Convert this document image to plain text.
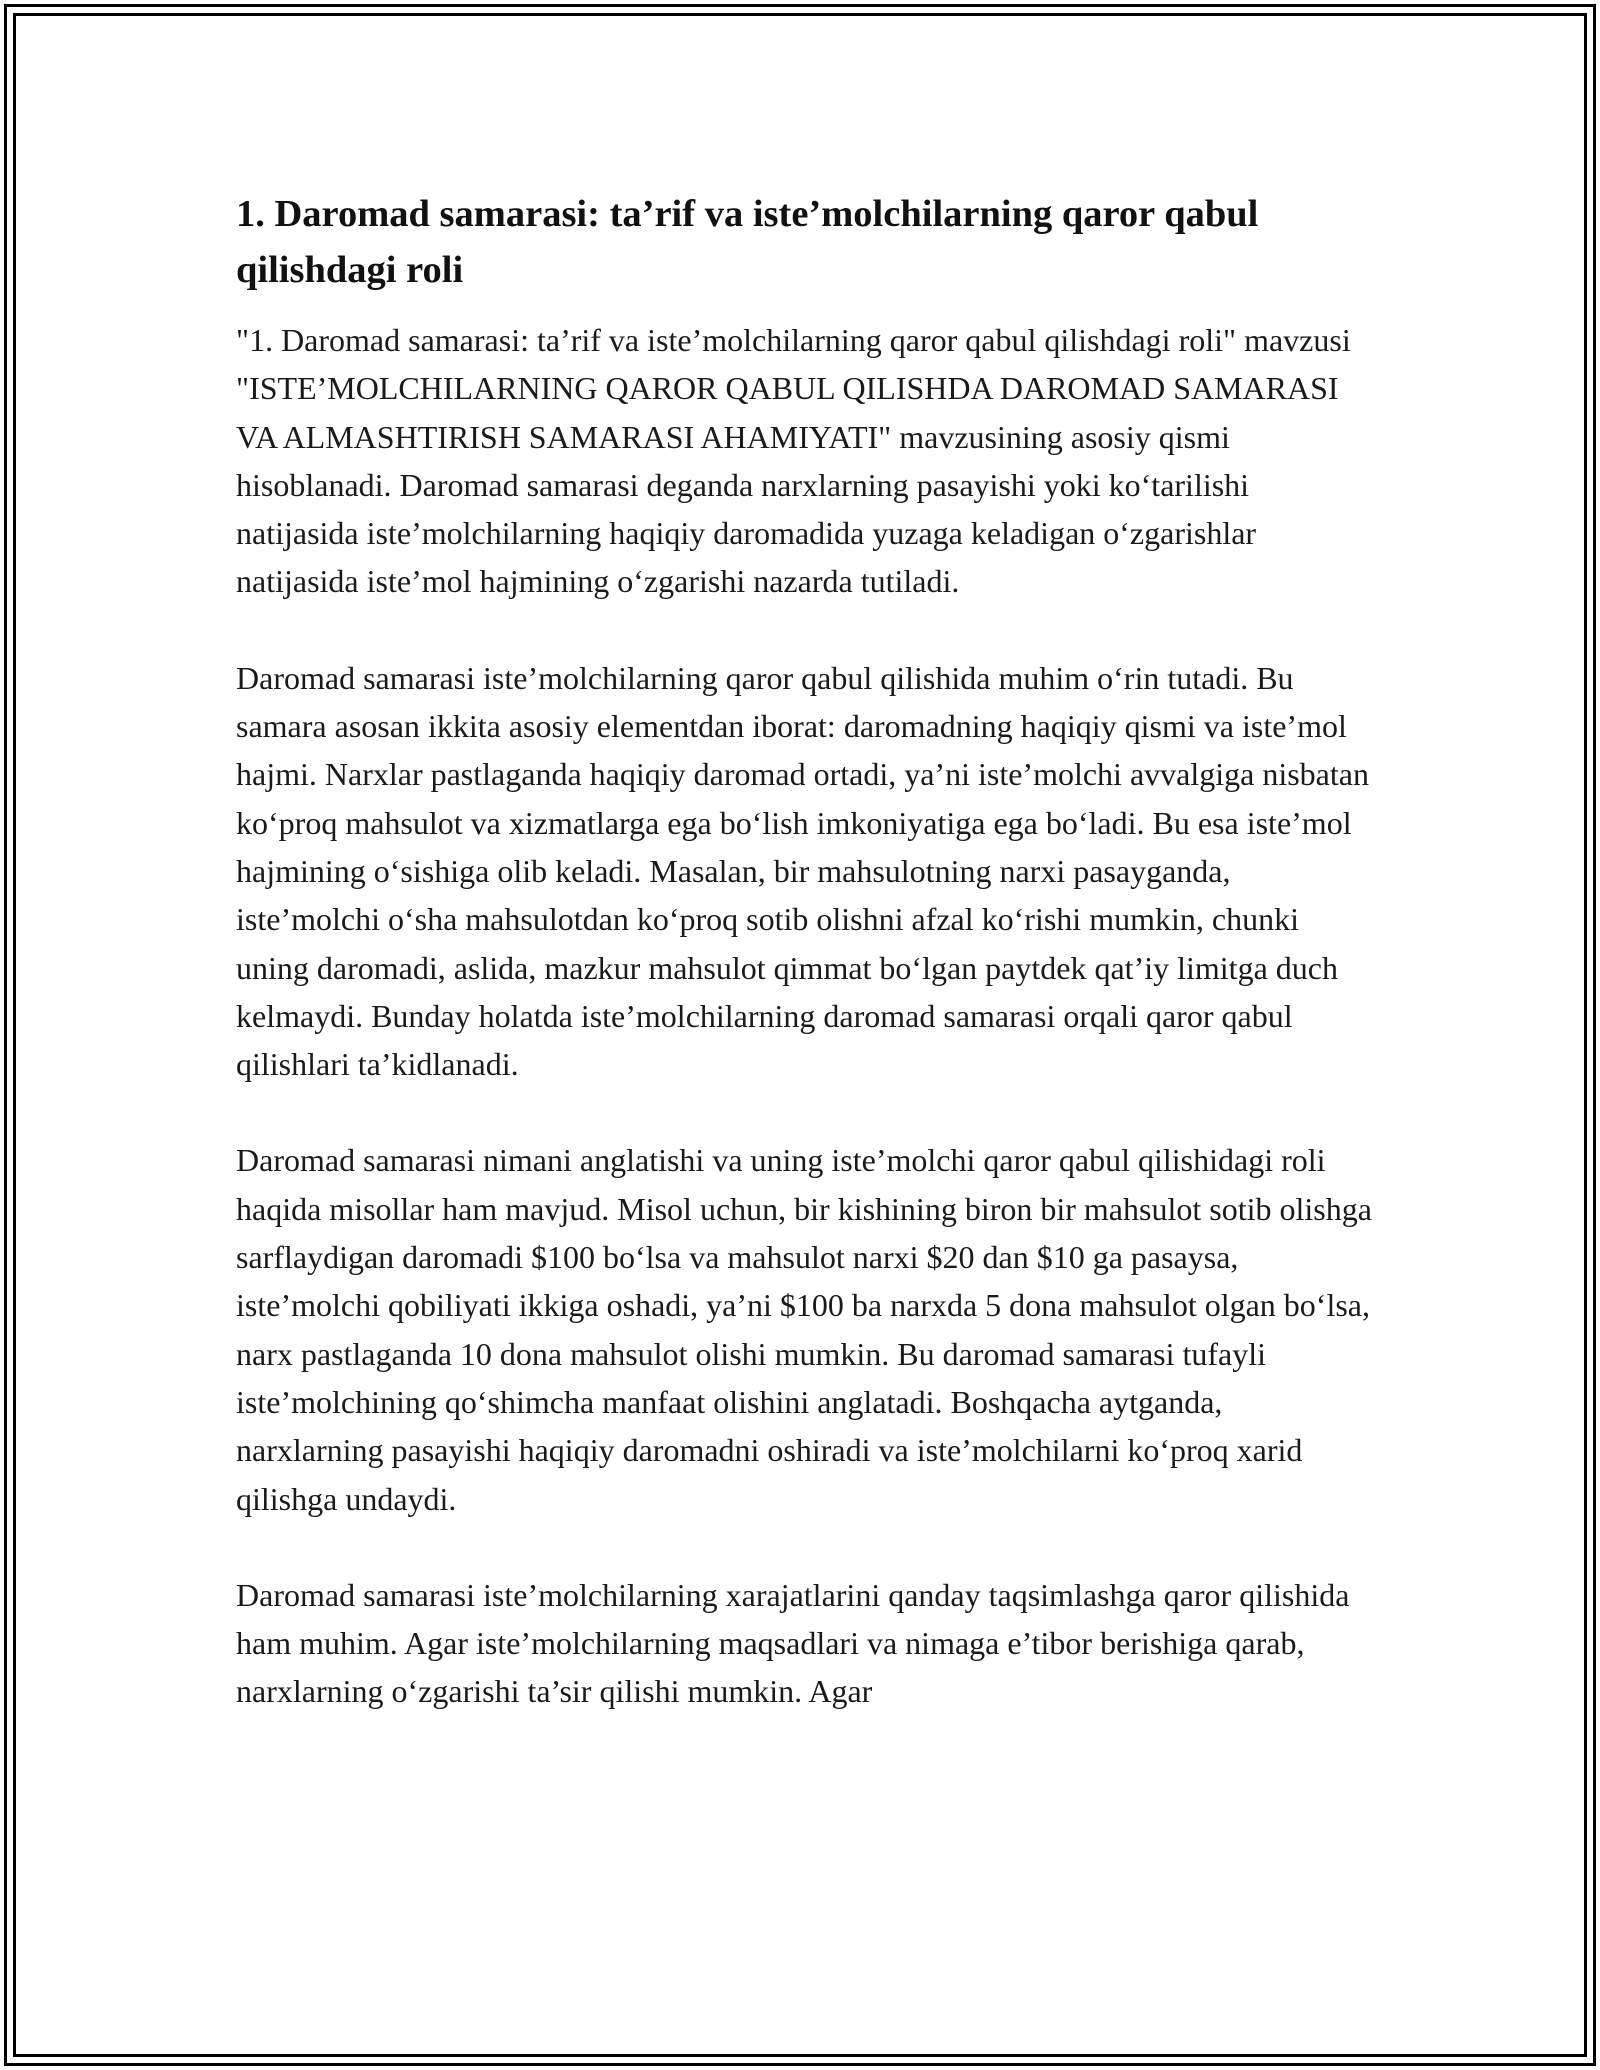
1. Daromad samarasi: ta’rif va iste’molchilarning qaror qabul qilishdagi roli

"1. Daromad samarasi: ta’rif va iste’molchilarning qaror qabul qilishdagi roli" mavzusi "ISTE’MOLCHILARNING QAROR QABUL QILISHDA DAROMAD SAMARASI VA ALMASHTIRISH SAMARASI AHAMIYATI" mavzusining asosiy qismi hisoblanadi. Daromad samarasi deganda narxlarning pasayishi yoki ko‘tarilishi natijasida iste’molchilarning haqiqiy daromadida yuzaga keladigan o‘zgarishlar natijasida iste’mol hajmining o‘zgarishi nazarda tutiladi.

Daromad samarasi iste’molchilarning qaror qabul qilishida muhim o‘rin tutadi. Bu samara asosan ikkita asosiy elementdan iborat: daromadning haqiqiy qismi va iste’mol hajmi. Narxlar pastlaganda haqiqiy daromad ortadi, ya’ni iste’molchi avvalgiga nisbatan ko‘proq mahsulot va xizmatlarga ega bo‘lish imkoniyatiga ega bo‘ladi. Bu esa iste’mol hajmining o‘sishiga olib keladi. Masalan, bir mahsulotning narxi pasayganda, iste’molchi o‘sha mahsulotdan ko‘proq sotib olishni afzal ko‘rishi mumkin, chunki uning daromadi, aslida, mazkur mahsulot qimmat bo‘lgan paytdek qat’iy limitga duch kelmaydi. Bunday holatda iste’molchilarning daromad samarasi orqali qaror qabul qilishlari ta’kidlanadi.

Daromad samarasi nimani anglatishi va uning iste’molchi qaror qabul qilishidagi roli haqida misollar ham mavjud. Misol uchun, bir kishining biron bir mahsulot sotib olishga sarflaydigan daromadi $100 bo‘lsa va mahsulot narxi $20 dan $10 ga pasaysa, iste’molchi qobiliyati ikkiga oshadi, ya’ni $100 ba narxda 5 dona mahsulot olgan bo‘lsa, narx pastlaganda 10 dona mahsulot olishi mumkin. Bu daromad samarasi tufayli iste’molchining qo‘shimcha manfaat olishini anglatadi. Boshqacha aytganda, narxlarning pasayishi haqiqiy daromadni oshiradi va iste’molchilarni ko‘proq xarid qilishga undaydi.

Daromad samarasi iste’molchilarning xarajatlarini qanday taqsimlashga qaror qilishida ham muhim. Agar iste’molchilarning maqsadlari va nimaga e’tibor berishiga qarab, narxlarning o‘zgarishi ta’sir qilishi mumkin. Agar
